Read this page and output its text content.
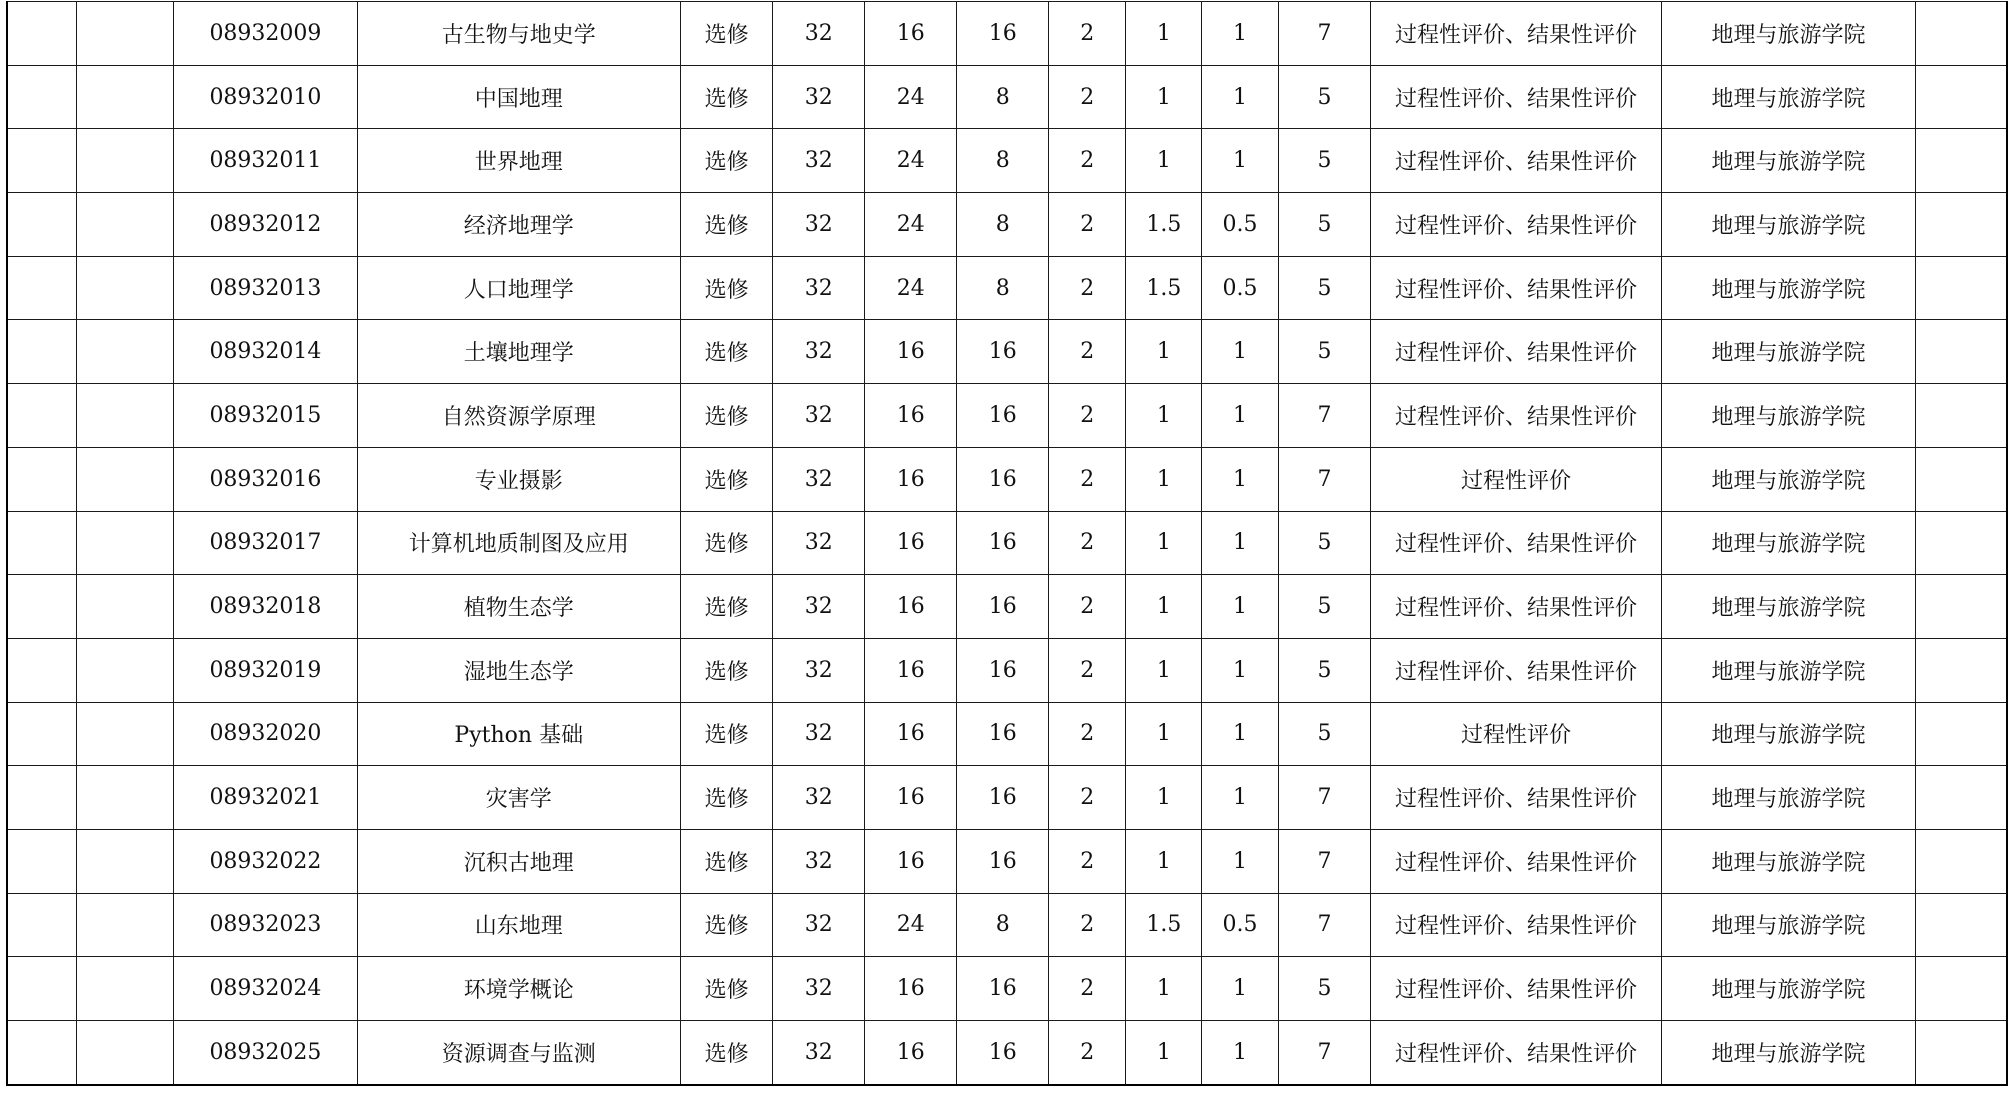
		08932009	古生物与地史学	选修	32	16	16	2	1	1	7	过程性评价、结果性评价	地理与旅游学院	
		08932010	中国地理	选修	32	24	8	2	1	1	5	过程性评价、结果性评价	地理与旅游学院	
		08932011	世界地理	选修	32	24	8	2	1	1	5	过程性评价、结果性评价	地理与旅游学院	
		08932012	经济地理学	选修	32	24	8	2	1.5	0.5	5	过程性评价、结果性评价	地理与旅游学院	
		08932013	人口地理学	选修	32	24	8	2	1.5	0.5	5	过程性评价、结果性评价	地理与旅游学院	
		08932014	土壤地理学	选修	32	16	16	2	1	1	5	过程性评价、结果性评价	地理与旅游学院	
		08932015	自然资源学原理	选修	32	16	16	2	1	1	7	过程性评价、结果性评价	地理与旅游学院	
		08932016	专业摄影	选修	32	16	16	2	1	1	7	过程性评价	地理与旅游学院	
		08932017	计算机地质制图及应用	选修	32	16	16	2	1	1	5	过程性评价、结果性评价	地理与旅游学院	
		08932018	植物生态学	选修	32	16	16	2	1	1	5	过程性评价、结果性评价	地理与旅游学院	
		08932019	湿地生态学	选修	32	16	16	2	1	1	5	过程性评价、结果性评价	地理与旅游学院	
		08932020	Python 基础	选修	32	16	16	2	1	1	5	过程性评价	地理与旅游学院	
		08932021	灾害学	选修	32	16	16	2	1	1	7	过程性评价、结果性评价	地理与旅游学院	
		08932022	沉积古地理	选修	32	16	16	2	1	1	7	过程性评价、结果性评价	地理与旅游学院	
		08932023	山东地理	选修	32	24	8	2	1.5	0.5	7	过程性评价、结果性评价	地理与旅游学院	
		08932024	环境学概论	选修	32	16	16	2	1	1	5	过程性评价、结果性评价	地理与旅游学院	
		08932025	资源调查与监测	选修	32	16	16	2	1	1	7	过程性评价、结果性评价	地理与旅游学院	
